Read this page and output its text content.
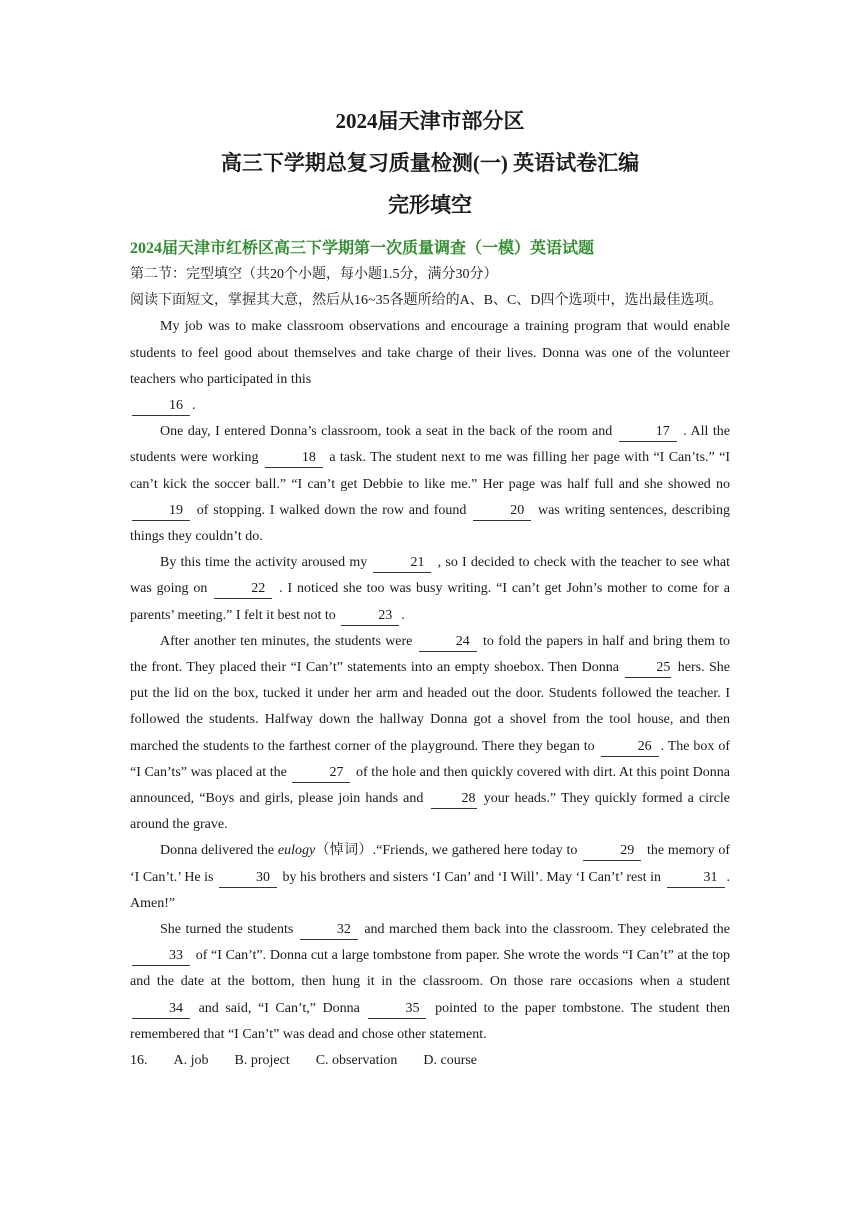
2024届天津市部分区
高三下学期总复习质量检测(一) 英语试卷汇编
完形填空
2024届天津市红桥区高三下学期第一次质量调查（一模）英语试题

第二节：完型填空（共20个小题，每小题1.5分，满分30分）

阅读下面短文，掌握其大意，然后从16~35各题所给的A、B、C、D四个选项中，选出最佳选项。

My job was to make classroom observations and encourage a training program that would enable students to feel good about themselves and take charge of their lives. Donna was one of the volunteer teachers who participated in this
16 .

One day, I entered Donna’s classroom, took a seat in the back of the room and	17 . All the students were working	18 a task. The student next to me was filling her page with “I Can’ts.” “I can’t kick the soccer ball.” “I can’t get Debbie to like me.” Her page was half full and she showed no 19 of stopping. I walked down the row and found	20 was writing sentences, describing things they couldn’t do.

By this time the activity aroused my	21 , so I decided to check with the teacher to see what was going on	22 . I noticed she too was busy writing. “I can’t get John’s mother to come for a parents’ meeting.” I felt it best not to	23 .

After another ten minutes, the students were	24 to fold the papers in half and bring them to the front. They placed their “I Can’t” statements into an empty shoebox. Then Donna	25 hers. She put the lid on the box, tucked it under her arm and headed out the door. Students followed the teacher. I followed the students. Halfway down the hallway Donna got a shovel from the tool house, and then marched the students to the farthest corner of the playground. There they began to	26 . The box of “I Can’ts” was placed at the	27 of the hole and then quickly covered with dirt. At this point Donna announced, “Boys and girls, please join hands and	28 your heads.” They quickly formed a circle around the grave.

Donna delivered the eulogy（悼词）.“Friends, we gathered here today to	29 the memory of ‘I Can’t.’ He is	30 by his brothers and sisters ‘I Can’ and ‘I Will’. May ‘I Can’t’ rest in	31 . Amen!”

She turned the students	32 and marched them back into the classroom. They celebrated the 33 of “I Can’t”. Donna cut a large tombstone from paper. She wrote the words “I Can’t” at the top and the date at the bottom, then hung it in the classroom. On those rare occasions when a student 34 and said, “I Can’t,” Donna	35 pointed to the paper tombstone. The student then remembered that “I Can’t” was dead and chose other statement.

16. A. job B. project C. observation D. course
